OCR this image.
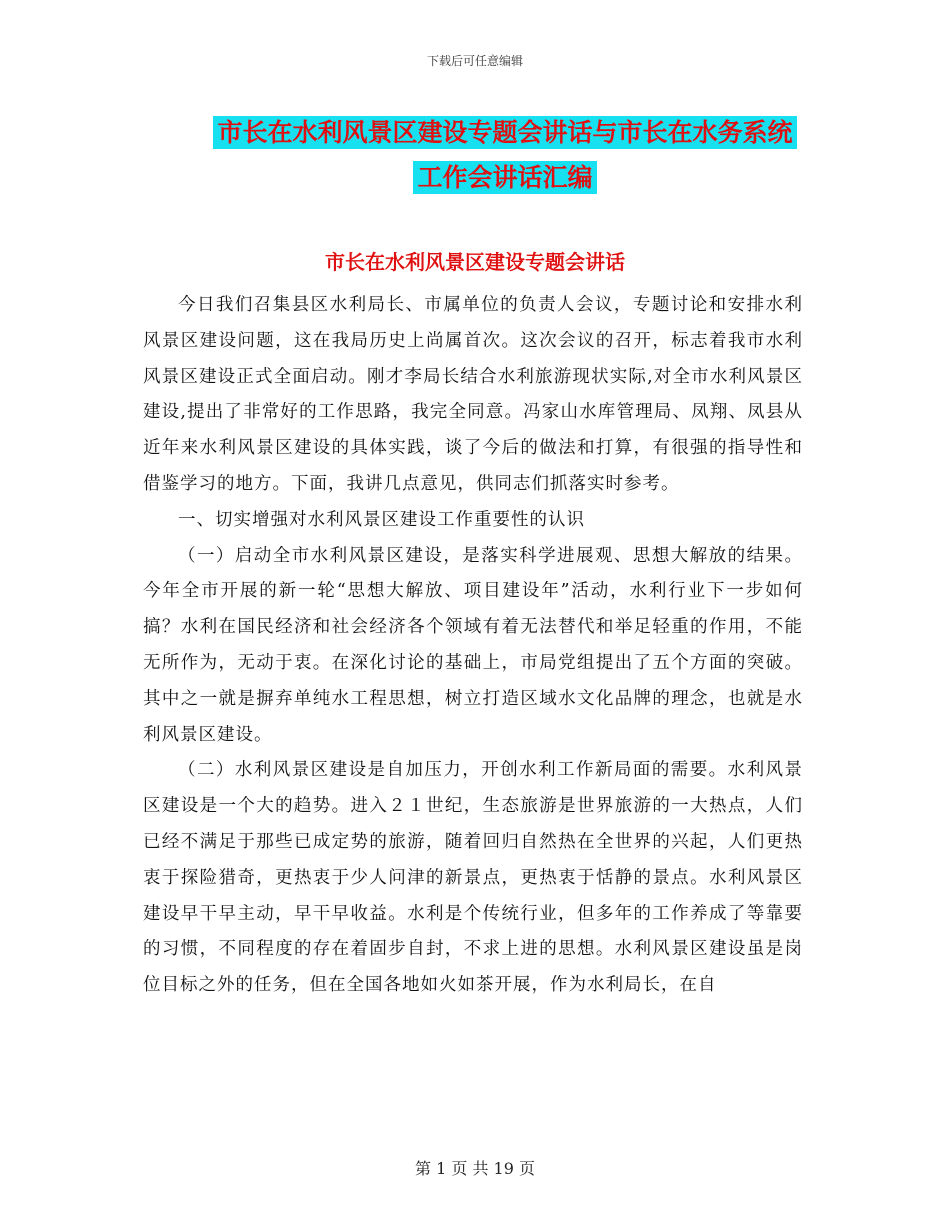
下载后可任意编辑
市长在水利风景区建设专题会讲话与市长在水务系统
工作会讲话汇编
市长在水利风景区建设专题会讲话

今日我们召集县区水利局长、市属单位的负责人会议，专题讨论和安排水利风景区建设问题，这在我局历史上尚属首次。这次会议的召开，标志着我市水利风景区建设正式全面启动。刚才李局长结合水利旅游现状实际,对全市水利风景区建设,提出了非常好的工作思路，我完全同意。冯家山水库管理局、凤翔、凤县从近年来水利风景区建设的具体实践，谈了今后的做法和打算，有很强的指导性和借鉴学习的地方。下面，我讲几点意见，供同志们抓落实时参考。

一、切实增强对水利风景区建设工作重要性的认识

（一）启动全市水利风景区建设，是落实科学进展观、思想大解放的结果。今年全市开展的新一轮“思想大解放、项目建设年”活动，水利行业下一步如何搞？水利在国民经济和社会经济各个领域有着无法替代和举足轻重的作用，不能无所作为，无动于衷。在深化讨论的基础上，市局党组提出了五个方面的突破。其中之一就是摒弃单纯水工程思想，树立打造区域水文化品牌的理念，也就是水利风景区建设。

（二）水利风景区建设是自加压力，开创水利工作新局面的需要。水利风景区建设是一个大的趋势。进入２１世纪，生态旅游是世界旅游的一大热点，人们已经不满足于那些已成定势的旅游，随着回归自然热在全世界的兴起，人们更热衷于探险猎奇，更热衷于少人问津的新景点，更热衷于恬静的景点。水利风景区建设早干早主动，早干早收益。水利是个传统行业，但多年的工作养成了等靠要的习惯，不同程度的存在着固步自封，不求上进的思想。水利风景区建设虽是岗位目标之外的任务，但在全国各地如火如茶开展，作为水利局长，在自

第 1 页 共 19 页
